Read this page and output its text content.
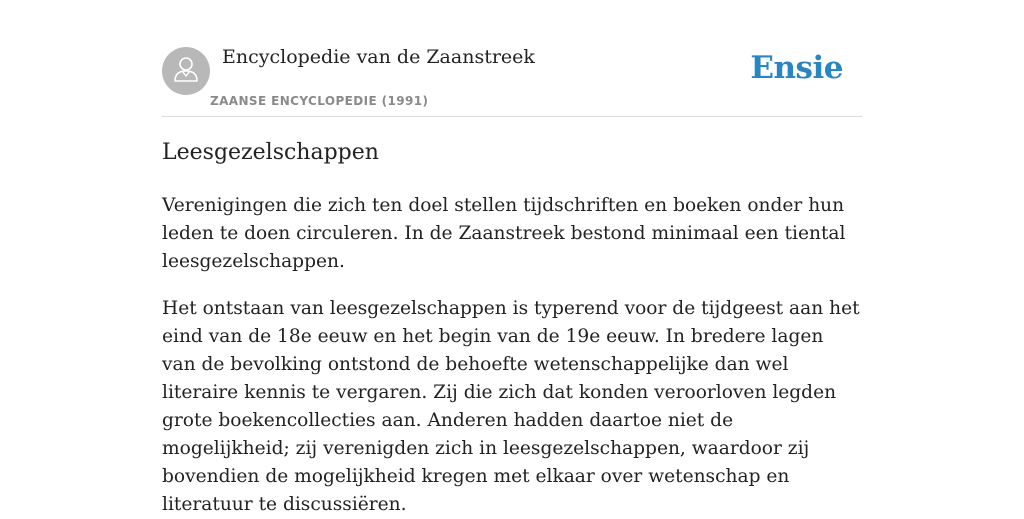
Encyclopedie van de Zaanstreek
ZAANSE ENCYCLOPEDIE (1991)
Ensie
Leesgezelschappen

Verenigingen die zich ten doel stellen tijdschriften en boeken onder hun leden te doen circuleren. In de Zaanstreek bestond minimaal een tiental leesgezelschappen.

Het ontstaan van leesgezelschappen is typerend voor de tijdgeest aan het eind van de 18e eeuw en het begin van de 19e eeuw. In bredere lagen van de bevolking ontstond de behoefte wetenschappelijke dan wel literaire kennis te vergaren. Zij die zich dat konden veroorloven legden grote boekencollecties aan. Anderen hadden daartoe niet de mogelijkheid; zij verenigden zich in leesgezelschappen, waardoor zij bovendien de mogelijkheid kregen met elkaar over wetenschap en literatuur te discussiëren.
